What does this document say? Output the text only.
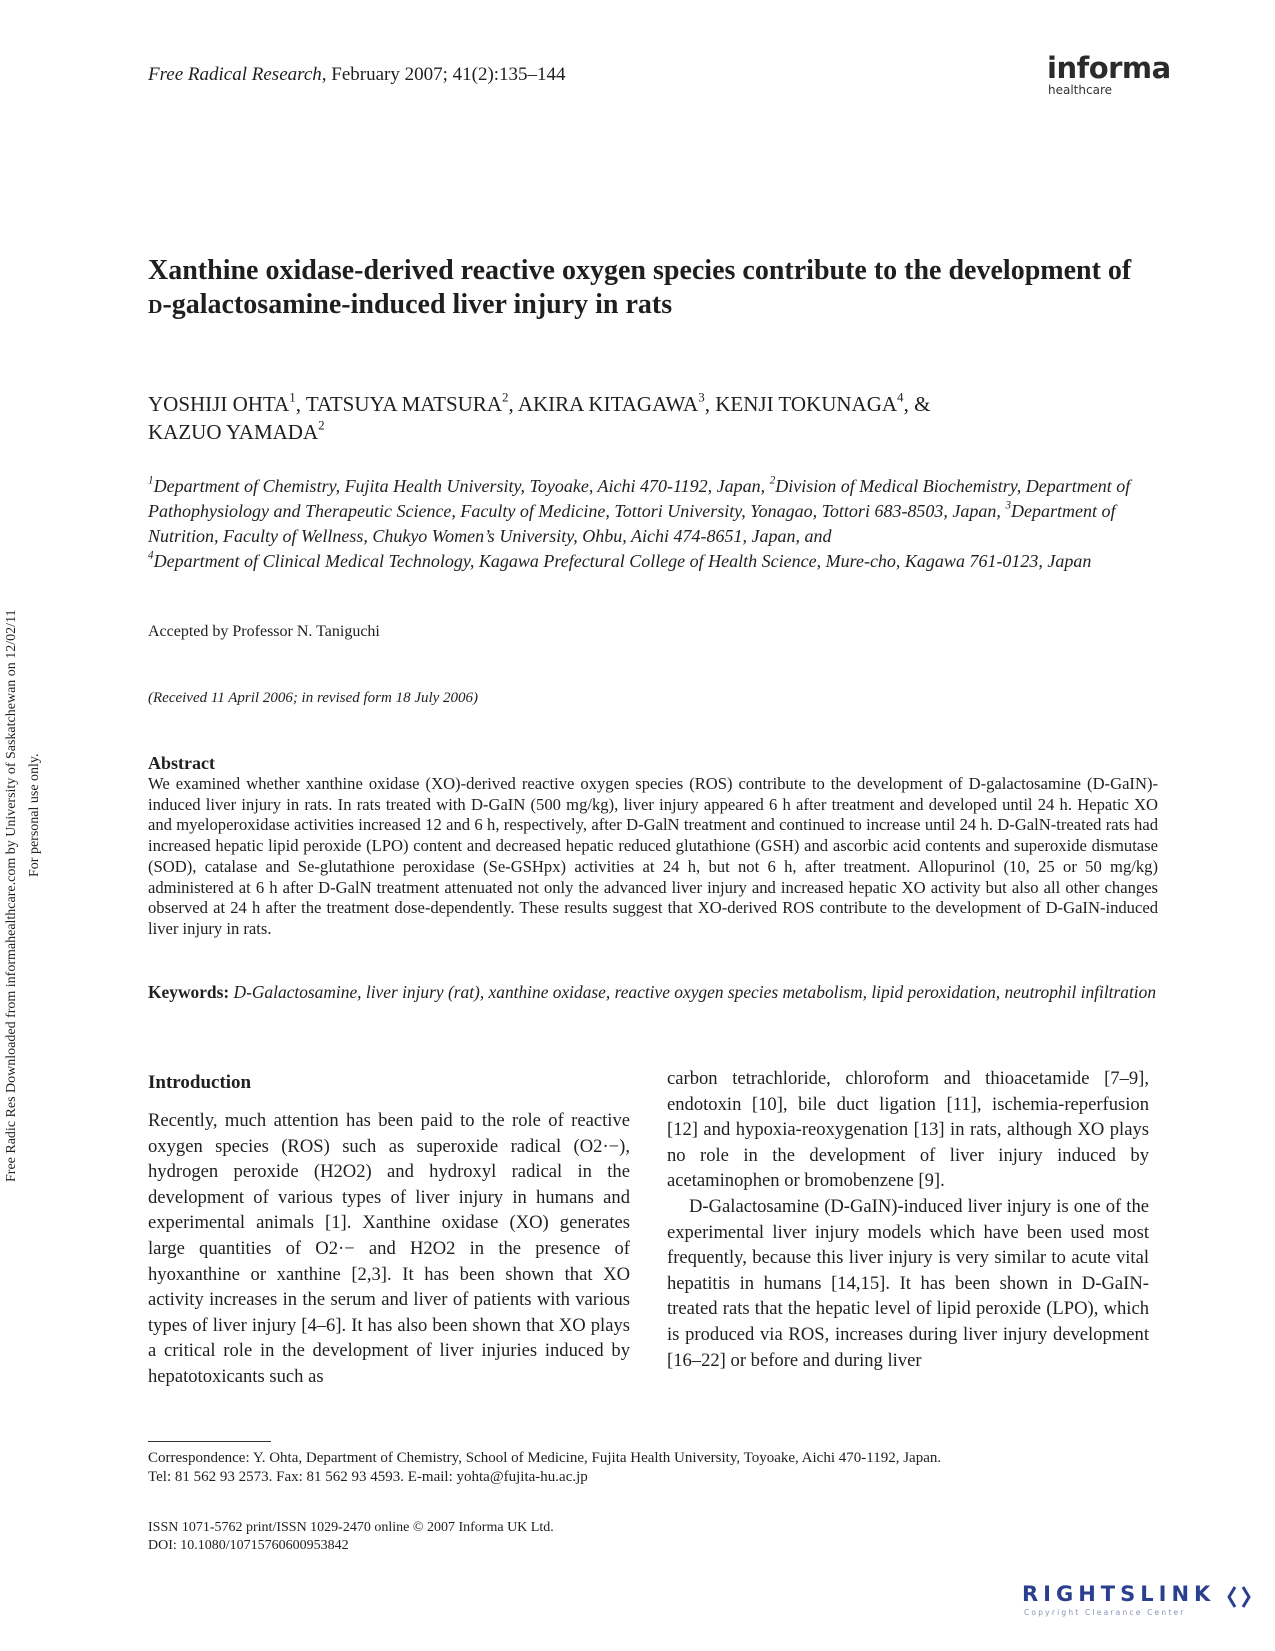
Free Radical Research, February 2007; 41(2):135–144	informa
healthcare
Free Radic Res Downloaded from informahealthcare.com by University of Saskatchewan on 12/02/11 For personal use only.
Xanthine oxidase-derived reactive oxygen species contribute to the development of d-galactosamine-induced liver injury in rats
YOSHIJI OHTA$^1$, TATSUYA MATSURA$^2$, AKIRA KITAGAWA$^3$, KENJI TOKUNAGA$^4$, &
KAZUO YAMADA$^2$
$^1$Department of Chemistry, Fujita Health University, Toyoake, Aichi 470-1192, Japan, $^2$Division of Medical Biochemistry, Department of Pathophysiology and Therapeutic Science, Faculty of Medicine, Tottori University, Yonagao, Tottori 683-8503, Japan, $^3$Department of Nutrition, Faculty of Wellness, Chukyo Women’s University, Ohbu, Aichi 474-8651, Japan, and
$^4$Department of Clinical Medical Technology, Kagawa Prefectural College of Health Science, Mure-cho, Kagawa 761-0123, Japan
Accepted by Professor N. Taniguchi
(Received 11 April 2006; in revised form 18 July 2006)
Abstract
We examined whether xanthine oxidase (XO)-derived reactive oxygen species (ROS) contribute to the development of D-galactosamine (D-GaIN)-induced liver injury in rats. In rats treated with D-GaIN (500 mg/kg), liver injury appeared 6 h after treatment and developed until 24 h. Hepatic XO and myeloperoxidase activities increased 12 and 6 h, respectively, after D-GalN treatment and continued to increase until 24 h. D-GalN-treated rats had increased hepatic lipid peroxide (LPO) content and decreased hepatic reduced glutathione (GSH) and ascorbic acid contents and superoxide dismutase (SOD), catalase and Se-glutathione peroxidase (Se-GSHpx) activities at 24 h, but not 6 h, after treatment. Allopurinol (10, 25 or 50 mg/kg) administered at 6 h after D-GalN treatment attenuated not only the advanced liver injury and increased hepatic XO activity but also all other changes observed at 24 h after the treatment dose-dependently. These results suggest that XO-derived ROS contribute to the development of D-GaIN-induced liver injury in rats.
Keywords: D-Galactosamine, liver injury (rat), xanthine oxidase, reactive oxygen species metabolism, lipid peroxidation, neutrophil infiltration
Introduction

Recently, much attention has been paid to the role of reactive oxygen species (ROS) such as superoxide radical (O2·−), hydrogen peroxide (H2O2) and hydroxyl radical in the development of various types of liver injury in humans and experimental animals [1]. Xanthine oxidase (XO) generates large quantities of O2·− and H2O2 in the presence of hyoxanthine or xanthine [2,3]. It has been shown that XO activity increases in the serum and liver of patients with various types of liver injury [4–6]. It has also been shown that XO plays a critical role in the development of liver injuries induced by hepatotoxicants such as

carbon tetrachloride, chloroform and thioacetamide [7–9], endotoxin [10], bile duct ligation [11], ischemia-reperfusion [12] and hypoxia-reoxygenation [13] in rats, although XO plays no role in the development of liver injury induced by acetaminophen or bromobenzene [9].

D-Galactosamine (D-GaIN)-induced liver injury is one of the experimental liver injury models which have been used most frequently, because this liver injury is very similar to acute vital hepatitis in humans [14,15]. It has been shown in D-GaIN-treated rats that the hepatic level of lipid peroxide (LPO), which is produced via ROS, increases during liver injury development [16–22] or before and during liver

Correspondence: Y. Ohta, Department of Chemistry, School of Medicine, Fujita Health University, Toyoake, Aichi 470-1192, Japan.
Tel: 81 562 93 2573. Fax: 81 562 93 4593. E-mail: yohta@fujita-hu.ac.jp
ISSN 1071-5762 print/ISSN 1029-2470 online © 2007 Informa UK Ltd.
DOI: 10.1080/10715760600953842
RIGHTSLINK
Copyright Clearance Center
